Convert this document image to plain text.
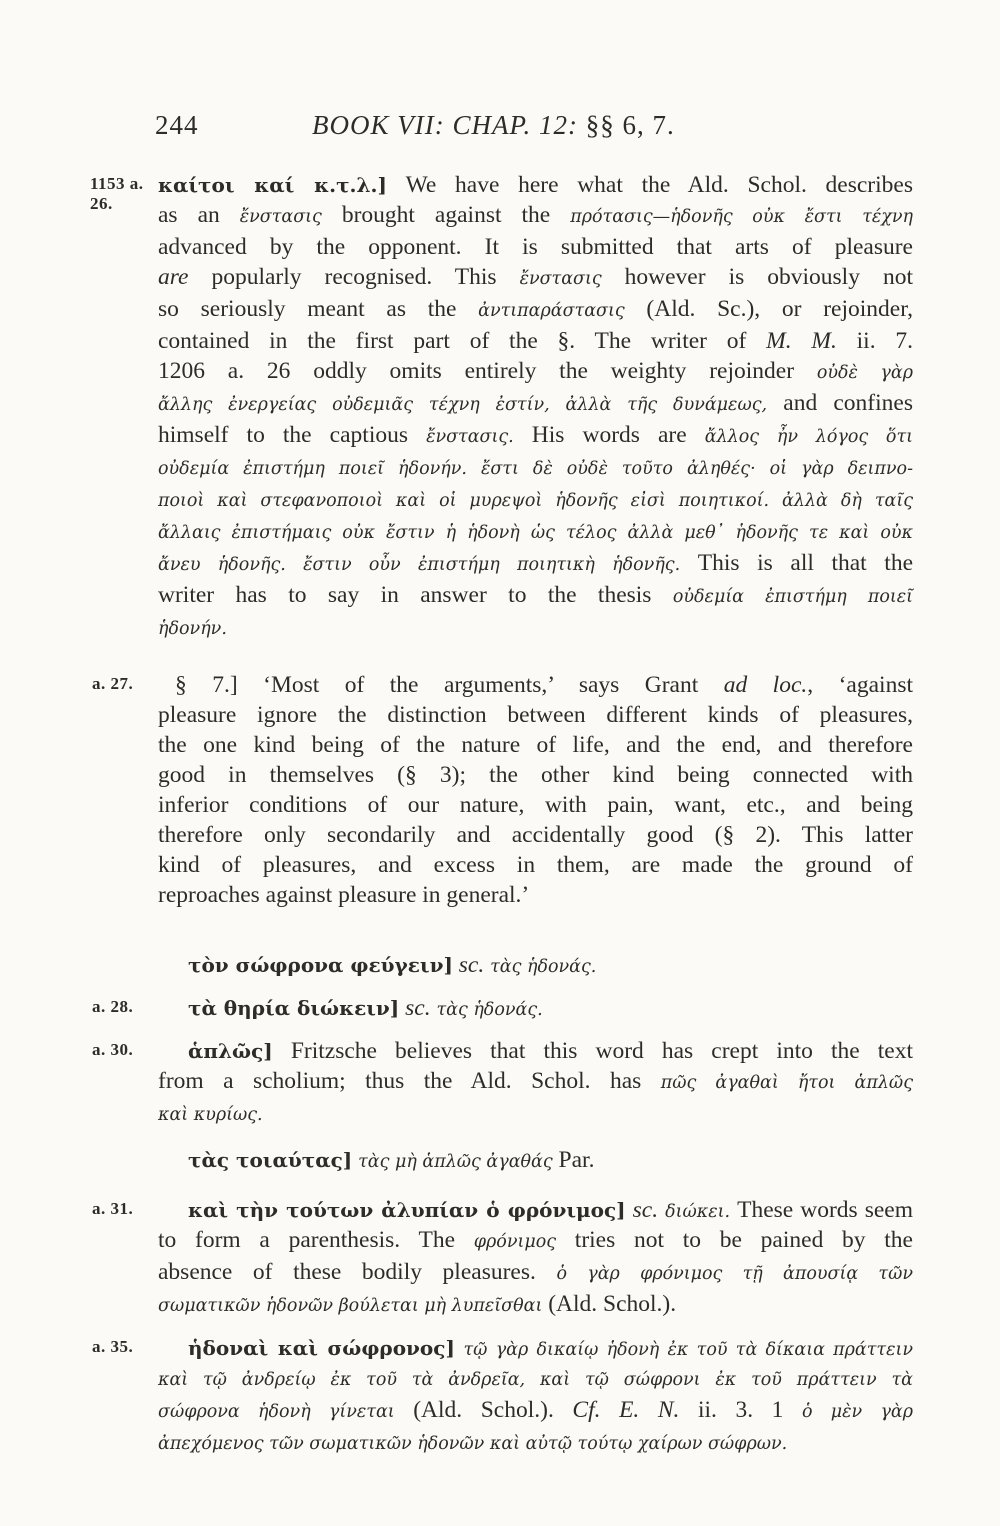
244	BOOK VII: CHAP. 12: §§ 6, 7.
1153 a. 26.
καίτοι καί κ.τ.λ.] We have here what the Ald. Schol. describes
as an ἔνστασις brought against the πρότασις—ἡδονῆς οὐκ ἔστι τέχνη
advanced by the opponent. It is submitted that arts of pleasure
are popularly recognised. This ἔνστασις however is obviously not
so seriously meant as the ἀντιπαράστασις (Ald. Sc.), or rejoinder,
contained in the first part of the §. The writer of M. M. ii. 7.
1206 a. 26 oddly omits entirely the weighty rejoinder οὐδὲ γὰρ
ἄλλης ἐνεργείας οὐδεμιᾶς τέχνη ἐστίν, ἀλλὰ τῆς δυνάμεως, and confines
himself to the captious ἔνστασις. His words are ἄλλος ἦν λόγος ὅτι
οὐδεμία ἐπιστήμη ποιεῖ ἡδονήν. ἔστι δὲ οὐδὲ τοῦτο ἀληθές· οἱ γὰρ δειπνο-
ποιοὶ καὶ στεφανοποιοὶ καὶ οἱ μυρεψοὶ ἡδονῆς εἰσὶ ποιητικοί. ἀλλὰ δὴ ταῖς
ἄλλαις ἐπιστήμαις οὐκ ἔστιν ἡ ἡδονὴ ὡς τέλος ἀλλὰ μεθ᾽ ἡδονῆς τε καὶ οὐκ
ἄνευ ἡδονῆς. ἔστιν οὖν ἐπιστήμη ποιητικὴ ἡδονῆς. This is all that the
writer has to say in answer to the thesis οὐδεμία ἐπιστήμη ποιεῖ
ἡδονήν.
a. 27.	§ 7.] ‘Most of the arguments,’ says Grant ad loc., ‘against
pleasure ignore the distinction between different kinds of pleasures,
the one kind being of the nature of life, and the end, and therefore
good in themselves (§ 3); the other kind being connected with
inferior conditions of our nature, with pain, want, etc., and being
therefore only secondarily and accidentally good (§ 2). This latter
kind of pleasures, and excess in them, are made the ground of
reproaches against pleasure in general.’
τὸν σώφρονα φεύγειν] sc. τὰς ἡδονάς.
a. 28.	τὰ θηρία διώκειν] sc. τὰς ἡδονάς.
a. 30.	ἁπλῶς] Fritzsche believes that this word has crept into the text
from a scholium; thus the Ald. Schol. has πῶς ἀγαθαὶ ἤτοι ἁπλῶς
καὶ κυρίως.
τὰς τοιαύτας] τὰς μὴ ἁπλῶς ἀγαθάς Par.
a. 31.	καὶ τὴν τούτων ἀλυπίαν ὁ φρόνιμος] sc. διώκει. These words seem
to form a parenthesis. The φρόνιμος tries not to be pained by the
absence of these bodily pleasures. ὁ γὰρ φρόνιμος τῇ ἀπουσίᾳ τῶν
σωματικῶν ἡδονῶν βούλεται μὴ λυπεῖσθαι (Ald. Schol.).
a. 35.	ἡδοναὶ καὶ σώφρονος] τῷ γὰρ δικαίῳ ἡδονὴ ἐκ τοῦ τὰ δίκαια πράττειν
καὶ τῷ ἀνδρείῳ ἐκ τοῦ τὰ ἀνδρεῖα, καὶ τῷ σώφρονι ἐκ τοῦ πράττειν τὰ
σώφρονα ἡδονὴ γίνεται (Ald. Schol.). Cf. E. N. ii. 3. 1 ὁ μὲν γὰρ
ἀπεχόμενος τῶν σωματικῶν ἡδονῶν καὶ αὐτῷ τούτῳ χαίρων σώφρων.
